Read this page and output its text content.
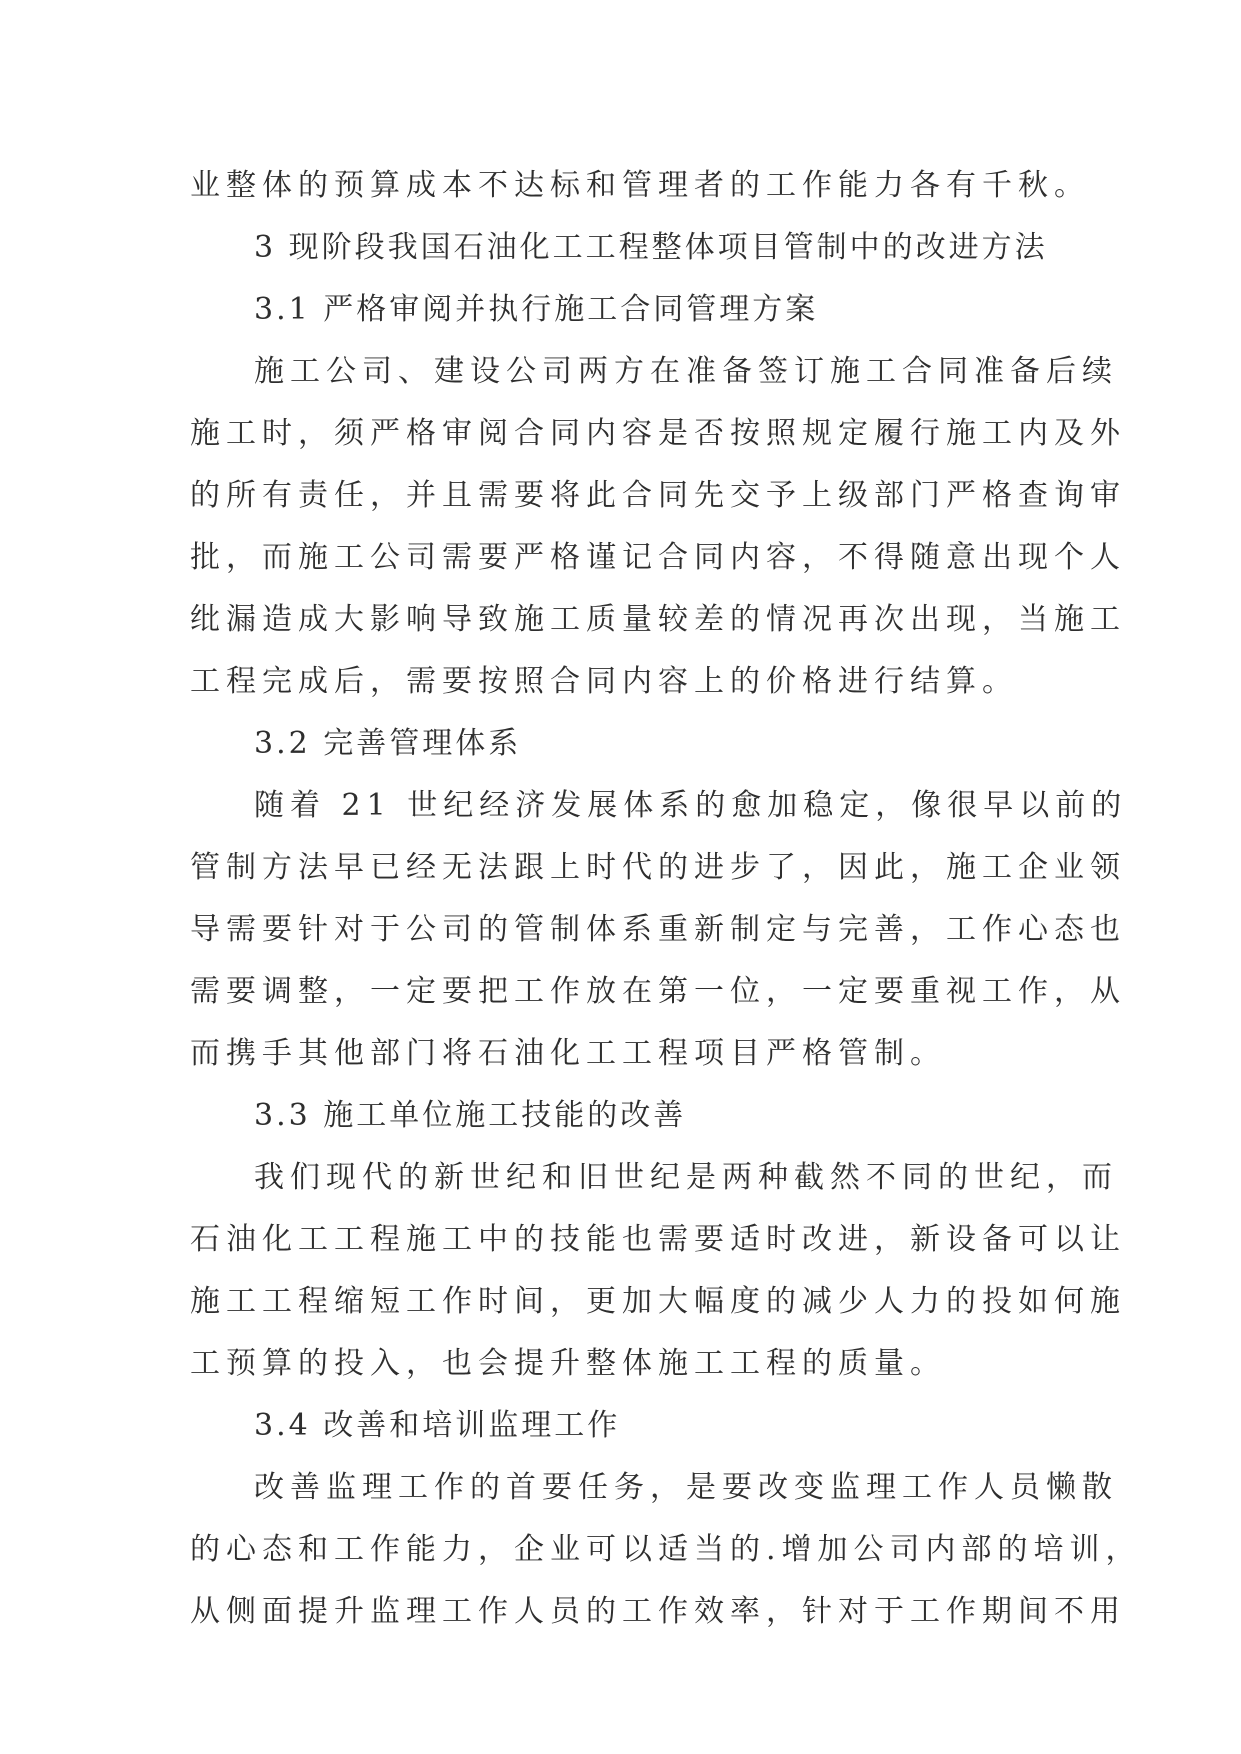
业整体的预算成本不达标和管理者的工作能力各有千秋。
3 现阶段我国石油化工工程整体项目管制中的改进方法
3.1 严格审阅并执行施工合同管理方案
施工公司、建设公司两方在准备签订施工合同准备后续
施工时，须严格审阅合同内容是否按照规定履行施工内及外
的所有责任，并且需要将此合同先交予上级部门严格查询审
批，而施工公司需要严格谨记合同内容，不得随意出现个人
纰漏造成大影响导致施工质量较差的情况再次出现，当施工
工程完成后，需要按照合同内容上的价格进行结算。
3.2 完善管理体系
随着 21 世纪经济发展体系的愈加稳定，像很早以前的
管制方法早已经无法跟上时代的进步了，因此，施工企业领
导需要针对于公司的管制体系重新制定与完善，工作心态也
需要调整，一定要把工作放在第一位，一定要重视工作，从
而携手其他部门将石油化工工程项目严格管制。
3.3 施工单位施工技能的改善
我们现代的新世纪和旧世纪是两种截然不同的世纪，而
石油化工工程施工中的技能也需要适时改进，新设备可以让
施工工程缩短工作时间，更加大幅度的减少人力的投如何施
工预算的投入，也会提升整体施工工程的质量。
3.4 改善和培训监理工作
改善监理工作的首要任务，是要改变监理工作人员懒散
的心态和工作能力，企业可以适当的.增加公司内部的培训，
从侧面提升监理工作人员的工作效率，针对于工作期间不用
